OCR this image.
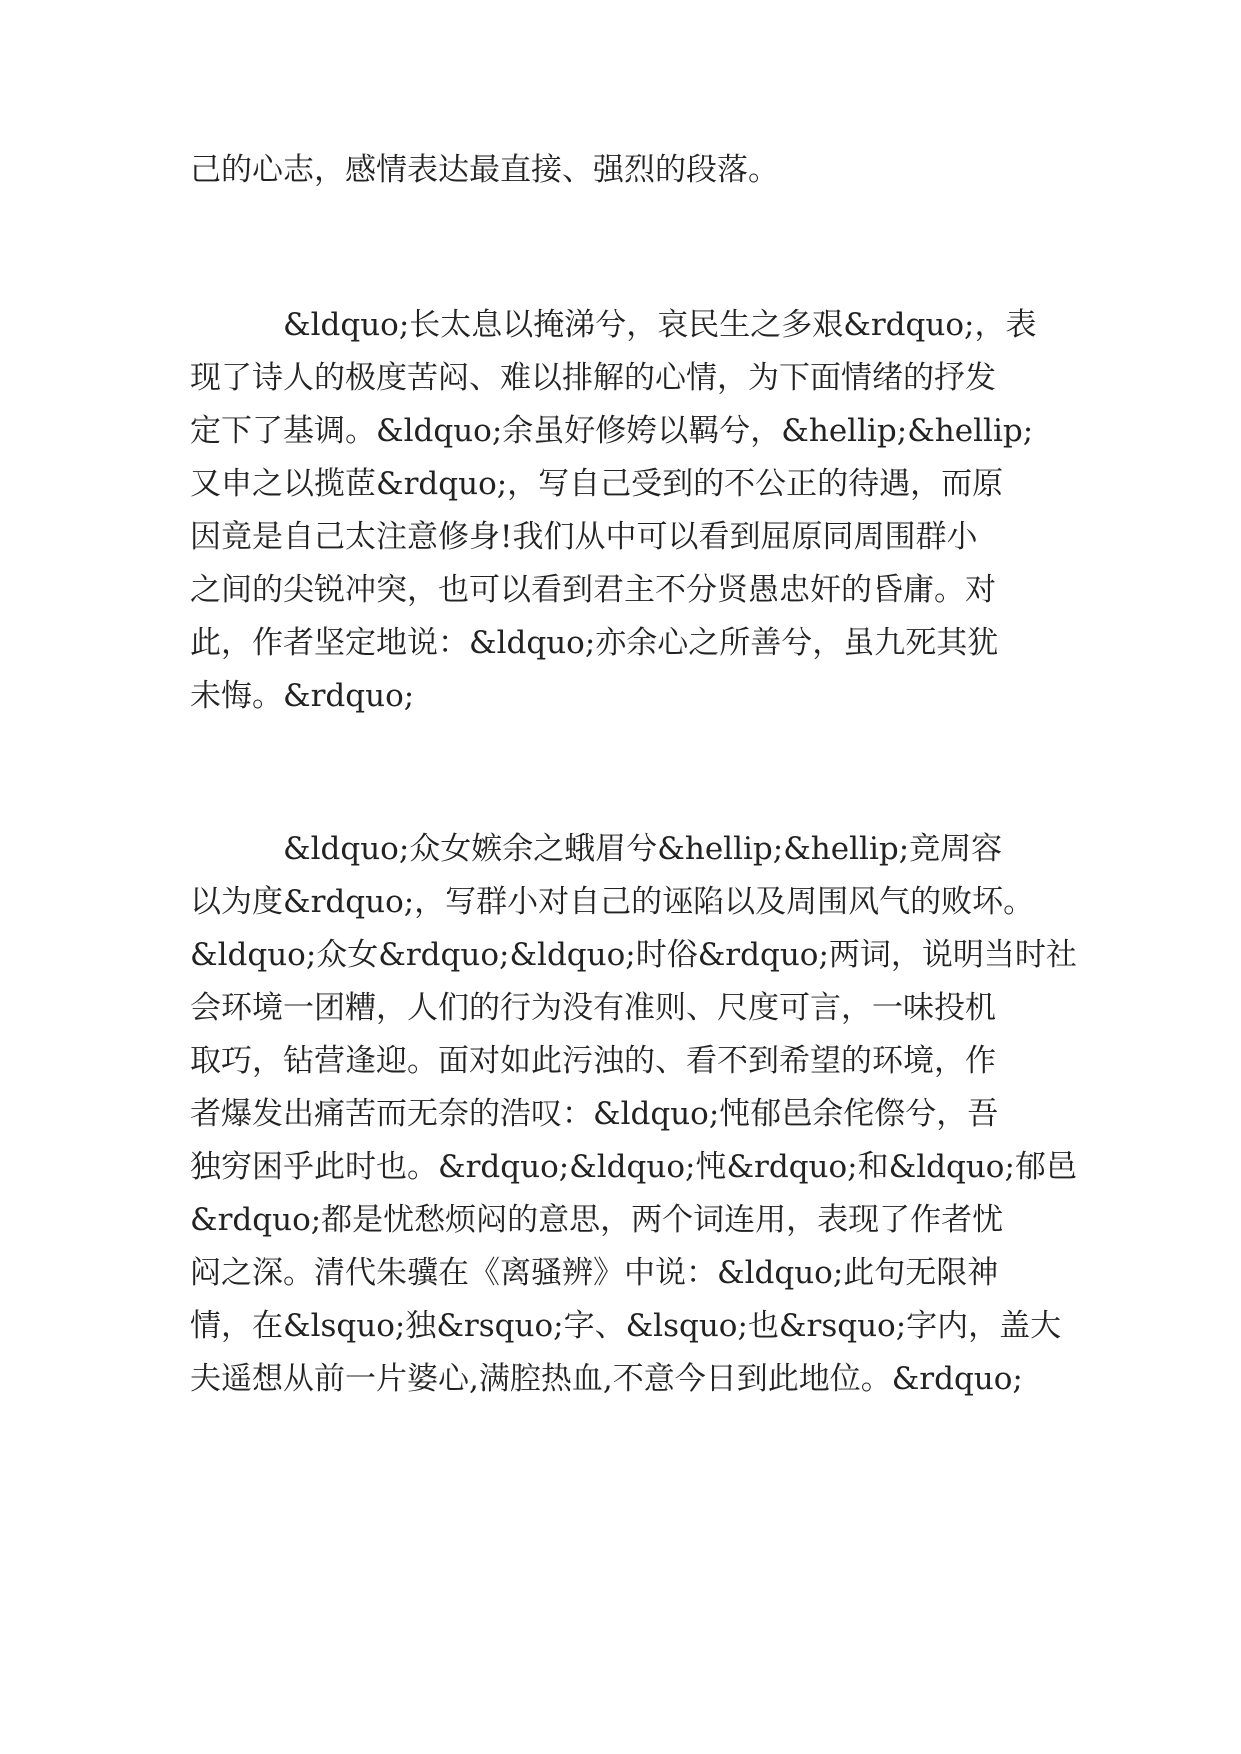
己的心志，感情表达最直接、强烈的段落。
　　　&ldquo;长太息以掩涕兮，哀民生之多艰&rdquo;，表
现了诗人的极度苦闷、难以排解的心情，为下面情绪的抒发
定下了基调。&ldquo;余虽好修姱以羁兮，&hellip;&hellip;
又申之以揽茝&rdquo;，写自己受到的不公正的待遇，而原
因竟是自己太注意修身!我们从中可以看到屈原同周围群小
之间的尖锐冲突，也可以看到君主不分贤愚忠奸的昏庸。对
此，作者坚定地说：&ldquo;亦余心之所善兮，虽九死其犹
未悔。&rdquo;
　　　&ldquo;众女嫉余之蛾眉兮&hellip;&hellip;竞周容
以为度&rdquo;，写群小对自己的诬陷以及周围风气的败坏。
&ldquo;众女&rdquo;&ldquo;时俗&rdquo;两词，说明当时社
会环境一团糟，人们的行为没有准则、尺度可言，一味投机
取巧，钻营逢迎。面对如此污浊的、看不到希望的环境，作
者爆发出痛苦而无奈的浩叹：&ldquo;忳郁邑余侘傺兮，吾
独穷困乎此时也。&rdquo;&ldquo;忳&rdquo;和&ldquo;郁邑
&rdquo;都是忧愁烦闷的意思，两个词连用，表现了作者忧
闷之深。清代朱骥在《离骚辨》中说：&ldquo;此句无限神
情，在&lsquo;独&rsquo;字、&lsquo;也&rsquo;字内，盖大
夫遥想从前一片婆心,满腔热血,不意今日到此地位。&rdquo;
